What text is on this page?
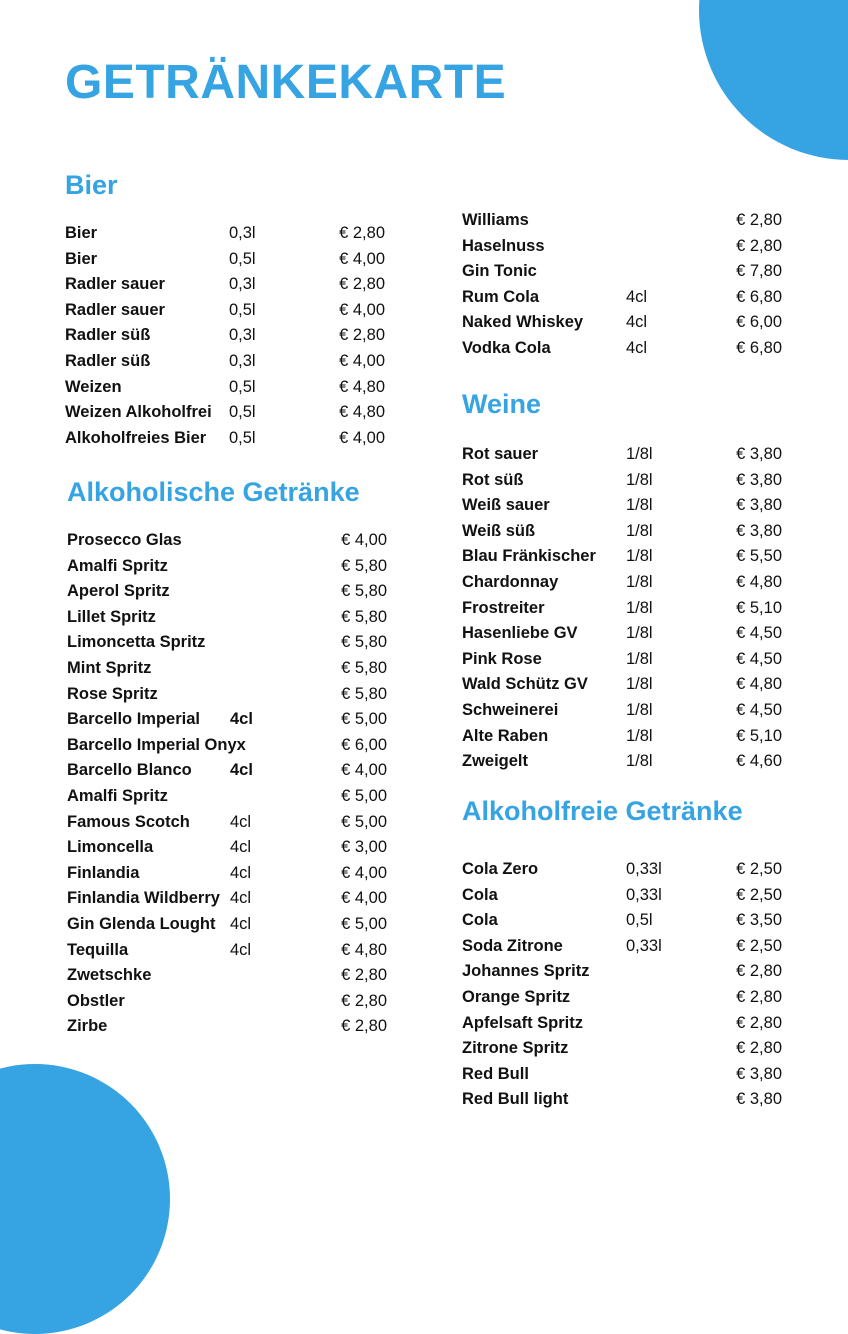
GETRÄNKEKARTE
Bier
Bier	0,3l	€ 2,80
Bier	0,5l	€ 4,00
Radler sauer	0,3l	€ 2,80
Radler sauer	0,5l	€ 4,00
Radler süß	0,3l	€ 2,80
Radler süß	0,3l	€ 4,00
Weizen	0,5l	€ 4,80
Weizen Alkoholfrei 0,5l	€ 4,80
Alkoholfreies Bier 0,5l	€ 4,00
Alkoholische Getränke
Prosecco Glas	€ 4,00
Amalfi Spritz	€ 5,80
Aperol Spritz	€ 5,80
Lillet Spritz	€ 5,80
Limoncetta Spritz	€ 5,80
Mint Spritz	€ 5,80
Rose Spritz	€ 5,80
Barcello Imperial 4cl	€ 5,00
Barcello Imperial Onyx	€ 6,00
Barcello Blanco 4cl	€ 4,00
Amalfi Spritz	€ 5,00
Famous Scotch 4cl	€ 5,00
Limoncella	4cl	€ 3,00
Finlandia	4cl	€ 4,00
Finlandia Wildberry 4cl	€ 4,00
Gin Glenda Lought 4cl	€ 5,00
Tequilla	4cl	€ 4,80
Zwetschke	€ 2,80
Obstler	€ 2,80
Zirbe	€ 2,80
Williams	€ 2,80
Haselnuss	€ 2,80
Gin Tonic	€ 7,80
Rum Cola	4cl	€ 6,80
Naked Whiskey	4cl	€ 6,00
Vodka Cola	4cl	€ 6,80
Weine
Rot sauer	1/8l	€ 3,80
Rot süß	1/8l	€ 3,80
Weiß sauer	1/8l	€ 3,80
Weiß süß	1/8l	€ 3,80
Blau Fränkischer 1/8l	€ 5,50
Chardonnay	1/8l	€ 4,80
Frostreiter	1/8l	€ 5,10
Hasenliebe GV	1/8l	€ 4,50
Pink Rose	1/8l	€ 4,50
Wald Schütz GV 1/8l	€ 4,80
Schweinerei	1/8l	€ 4,50
Alte Raben	1/8l	€ 5,10
Zweigelt	1/8l	€ 4,60
Alkoholfreie Getränke
Cola Zero	0,33l	€ 2,50
Cola	0,33l	€ 2,50
Cola	0,5l	€ 3,50
Soda Zitrone	0,33l	€ 2,50
Johannes Spritz	€ 2,80
Orange Spritz	€ 2,80
Apfelsaft Spritz	€ 2,80
Zitrone Spritz	€ 2,80
Red Bull	€ 3,80
Red Bull light	€ 3,80
